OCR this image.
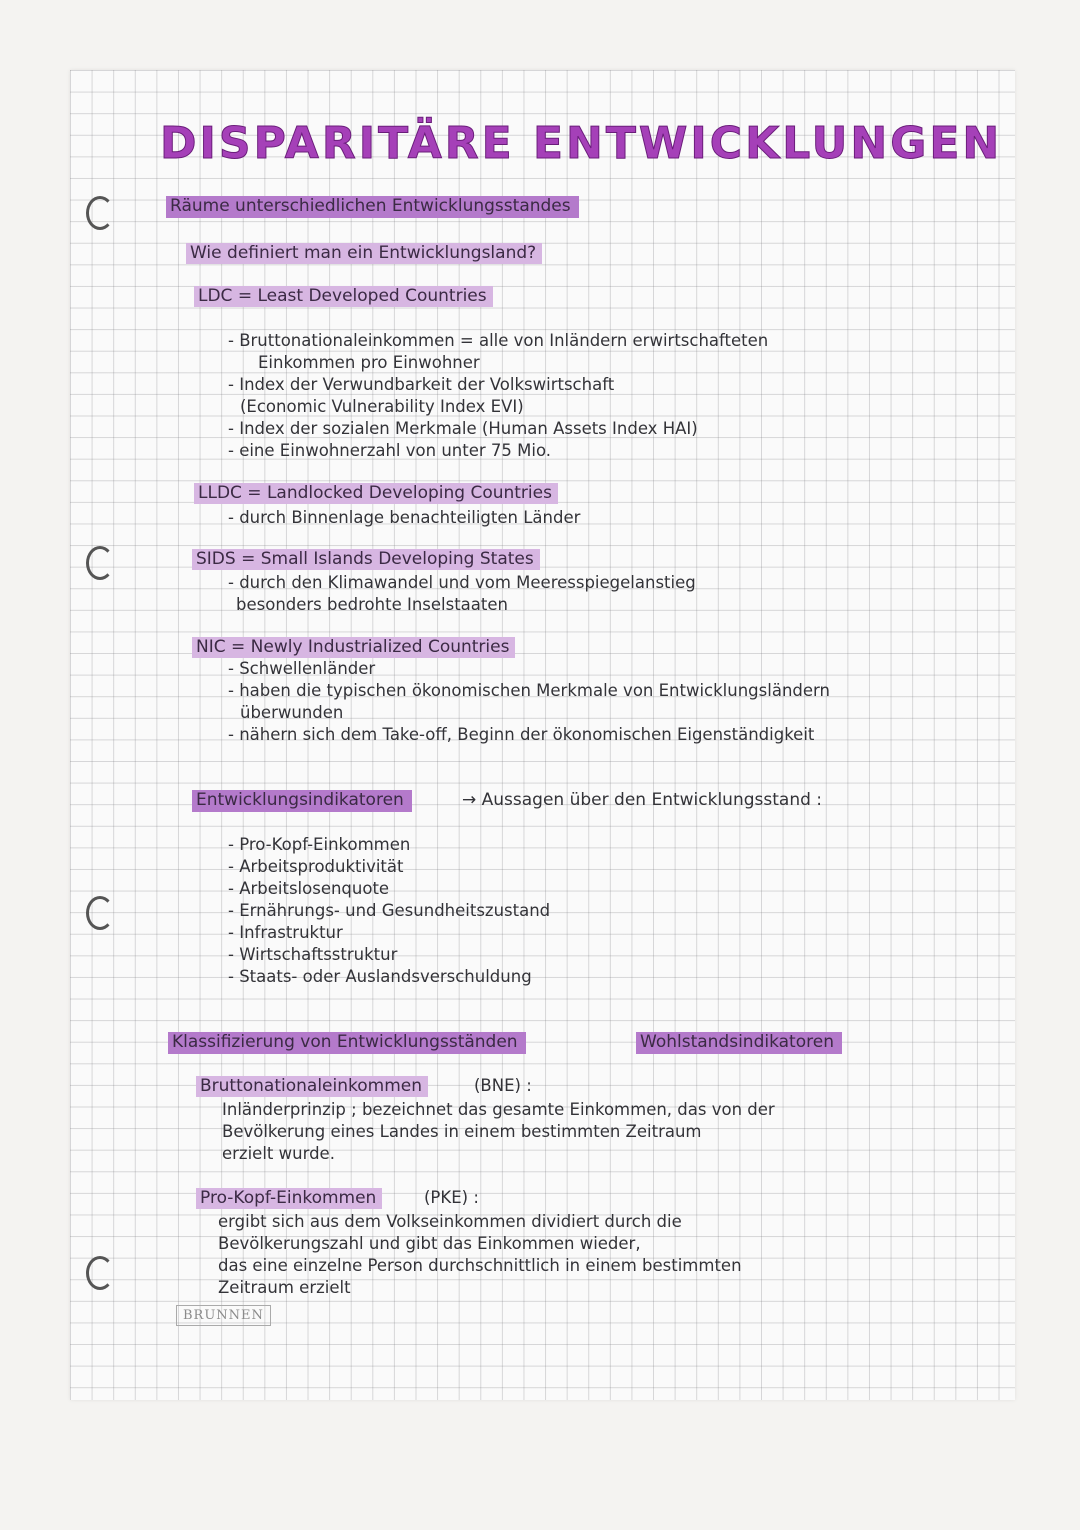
DISPARITÄRE ENTWICKLUNGEN
Räume unterschiedlichen Entwicklungsstandes
Wie definiert man ein Entwicklungsland?
LDC = Least Developed Countries
- Bruttonationaleinkommen = alle von Inländern erwirtschafteten
Einkommen pro Einwohner
- Index der Verwundbarkeit der Volkswirtschaft
(Economic Vulnerability Index EVI)
- Index der sozialen Merkmale (Human Assets Index HAI)
- eine Einwohnerzahl von unter 75 Mio.
LLDC = Landlocked Developing Countries
- durch Binnenlage benachteiligten Länder
SIDS = Small Islands Developing States
- durch den Klimawandel und vom Meeresspiegelanstieg
besonders bedrohte Inselstaaten
NIC = Newly Industrialized Countries
- Schwellenländer
- haben die typischen ökonomischen Merkmale von Entwicklungsländern
überwunden
- nähern sich dem Take-off, Beginn der ökonomischen Eigenständigkeit
Entwicklungsindikatoren	→ Aussagen über den Entwicklungsstand :
- Pro-Kopf-Einkommen
- Arbeitsproduktivität
- Arbeitslosenquote
- Ernährungs- und Gesundheitszustand
- Infrastruktur
- Wirtschaftsstruktur
- Staats- oder Auslandsverschuldung
Klassifizierung von Entwicklungsständen	Wohlstandsindikatoren
Bruttonationaleinkommen	(BNE) :
Inländerprinzip ; bezeichnet das gesamte Einkommen, das von der
Bevölkerung eines Landes in einem bestimmten Zeitraum
erzielt wurde.
Pro-Kopf-Einkommen	(PKE) :
ergibt sich aus dem Volkseinkommen dividiert durch die
Bevölkerungszahl und gibt das Einkommen wieder,
das eine einzelne Person durchschnittlich in einem bestimmten
Zeitraum erzielt
BRUNNEN
